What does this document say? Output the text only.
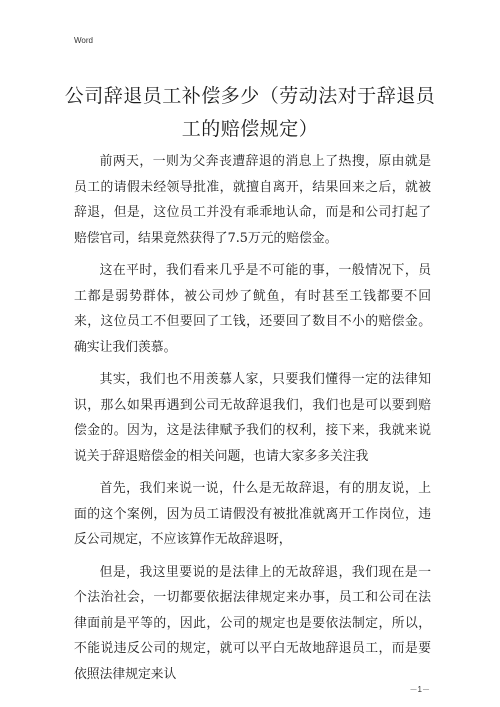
Word
公司辞退员工补偿多少（劳动法对于辞退员工的赔偿规定）

前两天，一则为父奔丧遭辞退的消息上了热搜，原由就是员工的请假未经领导批准，就擅自离开，结果回来之后，就被辞退，但是，这位员工并没有乖乖地认命，而是和公司打起了赔偿官司，结果竟然获得了7.5万元的赔偿金。

这在平时，我们看来几乎是不可能的事，一般情况下，员工都是弱势群体，被公司炒了鱿鱼，有时甚至工钱都要不回来，这位员工不但要回了工钱，还要回了数目不小的赔偿金。确实让我们羡慕。

其实，我们也不用羡慕人家，只要我们懂得一定的法律知识，那么如果再遇到公司无故辞退我们，我们也是可以要到赔偿金的。因为，这是法律赋予我们的权利，接下来，我就来说说关于辞退赔偿金的相关问题，也请大家多多关注我

首先，我们来说一说，什么是无故辞退，有的朋友说，上面的这个案例，因为员工请假没有被批准就离开工作岗位，违反公司规定，不应该算作无故辞退呀，

但是，我这里要说的是法律上的无故辞退，我们现在是一个法治社会，一切都要依据法律规定来办事，员工和公司在法律面前是平等的，因此，公司的规定也是要依法制定，所以，不能说违反公司的规定，就可以平白无故地辞退员工，而是要依照法律规定来认

－1－
